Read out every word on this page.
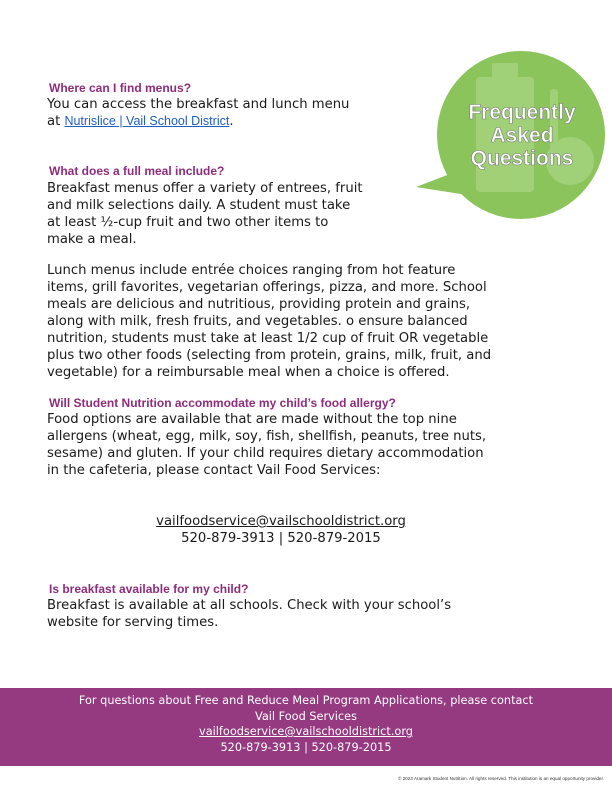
Frequently
Asked
Questions
Where can I find menus?
You can access the breakfast and lunch menu
at Nutrislice | Vail School District.
What does a full meal include?
Breakfast menus offer a variety of entrees, fruit
and milk selections daily. A student must take
at least ½-cup fruit and two other items to
make a meal.
Lunch menus include entrée choices ranging from hot feature
items, grill favorites, vegetarian offerings, pizza, and more. School
meals are delicious and nutritious, providing protein and grains,
along with milk, fresh fruits, and vegetables. o ensure balanced
nutrition, students must take at least 1/2 cup of fruit OR vegetable
plus two other foods (selecting from protein, grains, milk, fruit, and
vegetable) for a reimbursable meal when a choice is offered.
Will Student Nutrition accommodate my child’s food allergy?
Food options are available that are made without the top nine
allergens (wheat, egg, milk, soy, fish, shellfish, peanuts, tree nuts,
sesame) and gluten. If your child requires dietary accommodation
in the cafeteria, please contact Vail Food Services:
vailfoodservice@vailschooldistrict.org
520-879-3913 | 520-879-2015
Is breakfast available for my child?
Breakfast is available at all schools. Check with your school’s
website for serving times.
For questions about Free and Reduce Meal Program Applications, please contact
Vail Food Services
vailfoodservice@vailschooldistrict.org
520-879-3913 | 520-879-2015
© 2023 Aramark Student Nutrition. All rights reserved. This institution is an equal opportunity provider.
